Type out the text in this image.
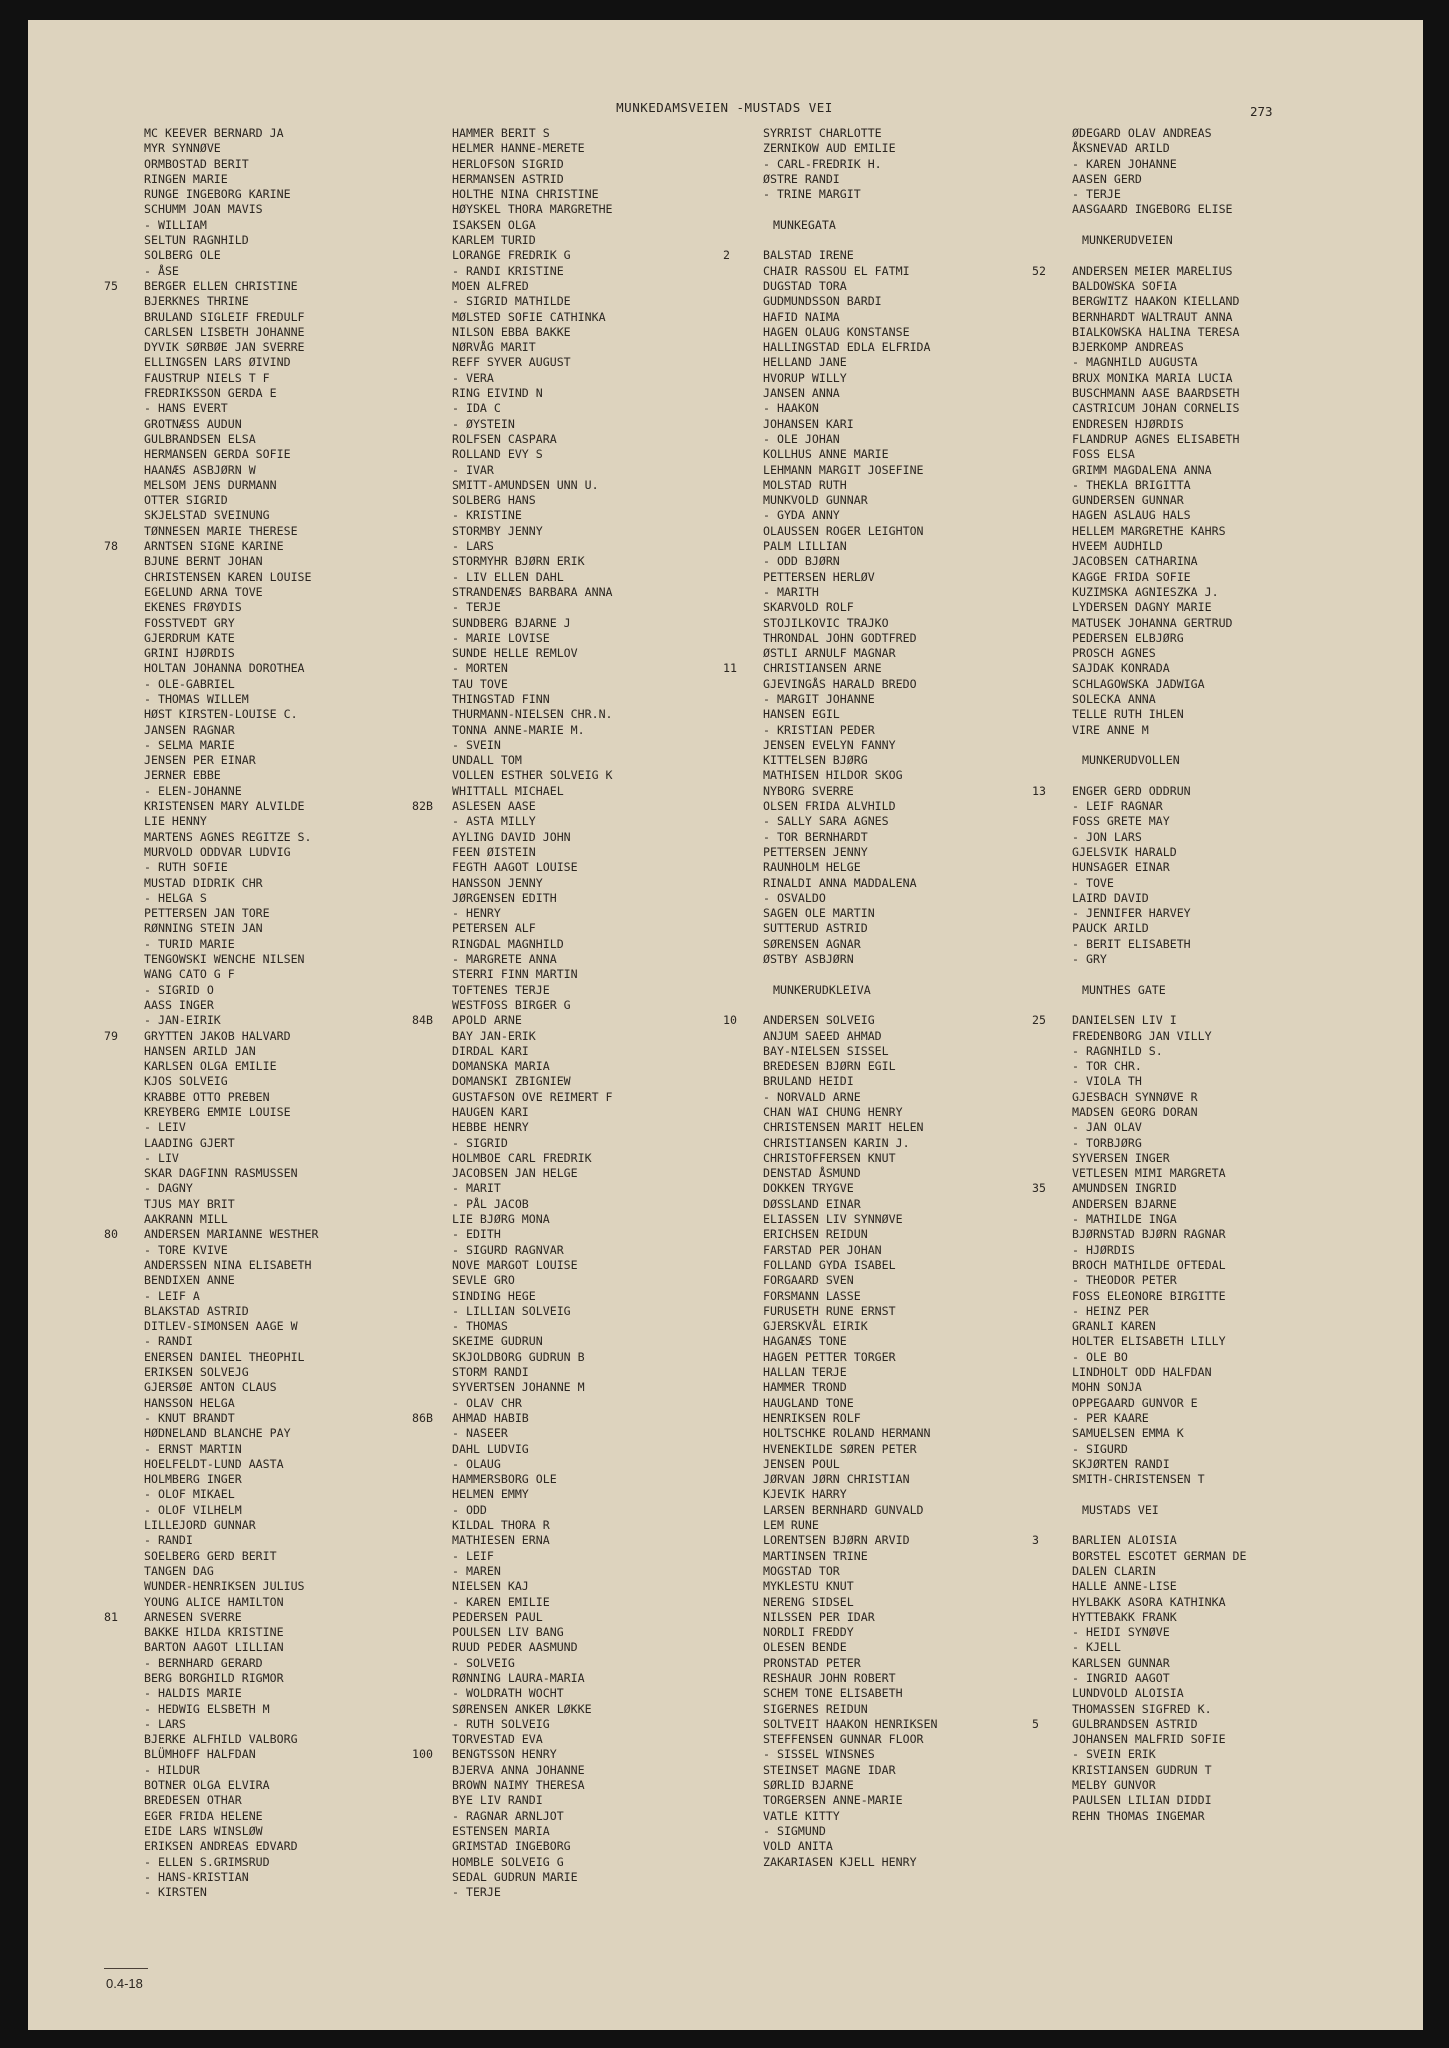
MUNKEDAMSVEIEN -MUSTADS VEI	273
MC KEEVER BERNARD JA
MYR SYNNØVE
ORMBOSTAD BERIT
RINGEN MARIE
RUNGE INGEBORG KARINE
SCHUMM JOAN MAVIS
- WILLIAM
SELTUN RAGNHILD
SOLBERG OLE
- ÅSE
75	BERGER ELLEN CHRISTINE
BJERKNES THRINE
BRULAND SIGLEIF FREDULF
CARLSEN LISBETH JOHANNE
DYVIK SØRBØE JAN SVERRE
ELLINGSEN LARS ØIVIND
FAUSTRUP NIELS T F
FREDRIKSSON GERDA E
- HANS EVERT
GROTNÆSS AUDUN
GULBRANDSEN ELSA
HERMANSEN GERDA SOFIE
HAANÆS ASBJØRN W
MELSOM JENS DURMANN
OTTER SIGRID
SKJELSTAD SVEINUNG
TØNNESEN MARIE THERESE
78	ARNTSEN SIGNE KARINE
BJUNE BERNT JOHAN
CHRISTENSEN KAREN LOUISE
EGELUND ARNA TOVE
EKENES FRØYDIS
FOSSTVEDT GRY
GJERDRUM KATE
GRINI HJØRDIS
HOLTAN JOHANNA DOROTHEA
- OLE-GABRIEL
- THOMAS WILLEM
HØST KIRSTEN-LOUISE C.
JANSEN RAGNAR
- SELMA MARIE
JENSEN PER EINAR
JERNER EBBE
- ELEN-JOHANNE
KRISTENSEN MARY ALVILDE
LIE HENNY
MARTENS AGNES REGITZE S.
MURVOLD ODDVAR LUDVIG
- RUTH SOFIE
MUSTAD DIDRIK CHR
- HELGA S
PETTERSEN JAN TORE
RØNNING STEIN JAN
- TURID MARIE
TENGOWSKI WENCHE NILSEN
WANG CATO G F
- SIGRID O
AASS INGER
- JAN-EIRIK
79	GRYTTEN JAKOB HALVARD
HANSEN ARILD JAN
KARLSEN OLGA EMILIE
KJOS SOLVEIG
KRABBE OTTO PREBEN
KREYBERG EMMIE LOUISE
- LEIV
LAADING GJERT
- LIV
SKAR DAGFINN RASMUSSEN
- DAGNY
TJUS MAY BRIT
AAKRANN MILL
80	ANDERSEN MARIANNE WESTHER
- TORE KVIVE
ANDERSSEN NINA ELISABETH
BENDIXEN ANNE
- LEIF A
BLAKSTAD ASTRID
DITLEV-SIMONSEN AAGE W
- RANDI
ENERSEN DANIEL THEOPHIL
ERIKSEN SOLVEJG
GJERSØE ANTON CLAUS
HANSSON HELGA
- KNUT BRANDT
HØDNELAND BLANCHE PAY
- ERNST MARTIN
HOELFELDT-LUND AASTA
HOLMBERG INGER
- OLOF MIKAEL
- OLOF VILHELM
LILLEJORD GUNNAR
- RANDI
SOELBERG GERD BERIT
TANGEN DAG
WUNDER-HENRIKSEN JULIUS
YOUNG ALICE HAMILTON
81	ARNESEN SVERRE
BAKKE HILDA KRISTINE
BARTON AAGOT LILLIAN
- BERNHARD GERARD
BERG BORGHILD RIGMOR
- HALDIS MARIE
- HEDWIG ELSBETH M
- LARS
BJERKE ALFHILD VALBORG
BLÜMHOFF HALFDAN
- HILDUR
BOTNER OLGA ELVIRA
BREDESEN OTHAR
EGER FRIDA HELENE
EIDE LARS WINSLØW
ERIKSEN ANDREAS EDVARD
- ELLEN S.GRIMSRUD
- HANS-KRISTIAN
- KIRSTEN
HAMMER BERIT S
HELMER HANNE-MERETE
HERLOFSON SIGRID
HERMANSEN ASTRID
HOLTHE NINA CHRISTINE
HØYSKEL THORA MARGRETHE
ISAKSEN OLGA
KARLEM TURID
LORANGE FREDRIK G
- RANDI KRISTINE
MOEN ALFRED
- SIGRID MATHILDE
MØLSTED SOFIE CATHINKA
NILSON EBBA BAKKE
NØRVÅG MARIT
REFF SYVER AUGUST
- VERA
RING EIVIND N
- IDA C
- ØYSTEIN
ROLFSEN CASPARA
ROLLAND EVY S
- IVAR
SMITT-AMUNDSEN UNN U.
SOLBERG HANS
- KRISTINE
STORMBY JENNY
- LARS
STORMYHR BJØRN ERIK
- LIV ELLEN DAHL
STRANDENÆS BARBARA ANNA
- TERJE
SUNDBERG BJARNE J
- MARIE LOVISE
SUNDE HELLE REMLOV
- MORTEN
TAU TOVE
THINGSTAD FINN
THURMANN-NIELSEN CHR.N.
TONNA ANNE-MARIE M.
- SVEIN
UNDALL TOM
VOLLEN ESTHER SOLVEIG K
WHITTALL MICHAEL
82B	ASLESEN AASE
- ASTA MILLY
AYLING DAVID JOHN
FEEN ØISTEIN
FEGTH AAGOT LOUISE
HANSSON JENNY
JØRGENSEN EDITH
- HENRY
PETERSEN ALF
RINGDAL MAGNHILD
- MARGRETE ANNA
STERRI FINN MARTIN
TOFTENES TERJE
WESTFOSS BIRGER G
84B	APOLD ARNE
BAY JAN-ERIK
DIRDAL KARI
DOMANSKA MARIA
DOMANSKI ZBIGNIEW
GUSTAFSON OVE REIMERT F
HAUGEN KARI
HEBBE HENRY
- SIGRID
HOLMBOE CARL FREDRIK
JACOBSEN JAN HELGE
- MARIT
- PÅL JACOB
LIE BJØRG MONA
- EDITH
- SIGURD RAGNVAR
NOVE MARGOT LOUISE
SEVLE GRO
SINDING HEGE
- LILLIAN SOLVEIG
- THOMAS
SKEIME GUDRUN
SKJOLDBORG GUDRUN B
STORM RANDI
SYVERTSEN JOHANNE M
- OLAV CHR
86B	AHMAD HABIB
- NASEER
DAHL LUDVIG
- OLAUG
HAMMERSBORG OLE
HELMEN EMMY
- ODD
KILDAL THORA R
MATHIESEN ERNA
- LEIF
- MAREN
NIELSEN KAJ
- KAREN EMILIE
PEDERSEN PAUL
POULSEN LIV BANG
RUUD PEDER AASMUND
- SOLVEIG
RØNNING LAURA-MARIA
- WOLDRATH WOCHT
SØRENSEN ANKER LØKKE
- RUTH SOLVEIG
TORVESTAD EVA
100	BENGTSSON HENRY
BJERVA ANNA JOHANNE
BROWN NAIMY THERESA
BYE LIV RANDI
- RAGNAR ARNLJOT
ESTENSEN MARIA
GRIMSTAD INGEBORG
HOMBLE SOLVEIG G
SEDAL GUDRUN MARIE
- TERJE
SYRRIST CHARLOTTE
ZERNIKOW AUD EMILIE
- CARL-FREDRIK H.
ØSTRE RANDI
- TRINE MARGIT
MUNKEGATA
2	BALSTAD IRENE
CHAIR RASSOU EL FATMI
DUGSTAD TORA
GUDMUNDSSON BARDI
HAFID NAIMA
HAGEN OLAUG KONSTANSE
HALLINGSTAD EDLA ELFRIDA
HELLAND JANE
HVORUP WILLY
JANSEN ANNA
- HAAKON
JOHANSEN KARI
- OLE JOHAN
KOLLHUS ANNE MARIE
LEHMANN MARGIT JOSEFINE
MOLSTAD RUTH
MUNKVOLD GUNNAR
- GYDA ANNY
OLAUSSEN ROGER LEIGHTON
PALM LILLIAN
- ODD BJØRN
PETTERSEN HERLØV
- MARITH
SKARVOLD ROLF
STOJILKOVIC TRAJKO
THRONDAL JOHN GODTFRED
ØSTLI ARNULF MAGNAR
11	CHRISTIANSEN ARNE
GJEVINGÅS HARALD BREDO
- MARGIT JOHANNE
HANSEN EGIL
- KRISTIAN PEDER
JENSEN EVELYN FANNY
KITTELSEN BJØRG
MATHISEN HILDOR SKOG
NYBORG SVERRE
OLSEN FRIDA ALVHILD
- SALLY SARA AGNES
- TOR BERNHARDT
PETTERSEN JENNY
RAUNHOLM HELGE
RINALDI ANNA MADDALENA
- OSVALDO
SAGEN OLE MARTIN
SUTTERUD ASTRID
SØRENSEN AGNAR
ØSTBY ASBJØRN
MUNKERUDKLEIVA
10	ANDERSEN SOLVEIG
ANJUM SAEED AHMAD
BAY-NIELSEN SISSEL
BREDESEN BJØRN EGIL
BRULAND HEIDI
- NORVALD ARNE
CHAN WAI CHUNG HENRY
CHRISTENSEN MARIT HELEN
CHRISTIANSEN KARIN J.
CHRISTOFFERSEN KNUT
DENSTAD ÅSMUND
DOKKEN TRYGVE
DØSSLAND EINAR
ELIASSEN LIV SYNNØVE
ERICHSEN REIDUN
FARSTAD PER JOHAN
FOLLAND GYDA ISABEL
FORGAARD SVEN
FORSMANN LASSE
FURUSETH RUNE ERNST
GJERSKVÅL EIRIK
HAGANÆS TONE
HAGEN PETTER TORGER
HALLAN TERJE
HAMMER TROND
HAUGLAND TONE
HENRIKSEN ROLF
HOLTSCHKE ROLAND HERMANN
HVENEKILDE SØREN PETER
JENSEN POUL
JØRVAN JØRN CHRISTIAN
KJEVIK HARRY
LARSEN BERNHARD GUNVALD
LEM RUNE
LORENTSEN BJØRN ARVID
MARTINSEN TRINE
MOGSTAD TOR
MYKLESTU KNUT
NERENG SIDSEL
NILSSEN PER IDAR
NORDLI FREDDY
OLESEN BENDE
PRONSTAD PETER
RESHAUR JOHN ROBERT
SCHEM TONE ELISABETH
SIGERNES REIDUN
SOLTVEIT HAAKON HENRIKSEN
STEFFENSEN GUNNAR FLOOR
- SISSEL WINSNES
STEINSET MAGNE IDAR
SØRLID BJARNE
TORGERSEN ANNE-MARIE
VATLE KITTY
- SIGMUND
VOLD ANITA
ZAKARIASEN KJELL HENRY
ØDEGARD OLAV ANDREAS
ÅKSNEVAD ARILD
- KAREN JOHANNE
AASEN GERD
- TERJE
AASGAARD INGEBORG ELISE
MUNKERUDVEIEN
52	ANDERSEN MEIER MARELIUS
BALDOWSKA SOFIA
BERGWITZ HAAKON KIELLAND
BERNHARDT WALTRAUT ANNA
BIALKOWSKA HALINA TERESA
BJERKOMP ANDREAS
- MAGNHILD AUGUSTA
BRUX MONIKA MARIA LUCIA
BUSCHMANN AASE BAARDSETH
CASTRICUM JOHAN CORNELIS
ENDRESEN HJØRDIS
FLANDRUP AGNES ELISABETH
FOSS ELSA
GRIMM MAGDALENA ANNA
- THEKLA BRIGITTA
GUNDERSEN GUNNAR
HAGEN ASLAUG HALS
HELLEM MARGRETHE KAHRS
HVEEM AUDHILD
JACOBSEN CATHARINA
KAGGE FRIDA SOFIE
KUZIMSKA AGNIESZKA J.
LYDERSEN DAGNY MARIE
MATUSEK JOHANNA GERTRUD
PEDERSEN ELBJØRG
PROSCH AGNES
SAJDAK KONRADA
SCHLAGOWSKA JADWIGA
SOLECKA ANNA
TELLE RUTH IHLEN
VIRE ANNE M
MUNKERUDVOLLEN
13	ENGER GERD ODDRUN
- LEIF RAGNAR
FOSS GRETE MAY
- JON LARS
GJELSVIK HARALD
HUNSAGER EINAR
- TOVE
LAIRD DAVID
- JENNIFER HARVEY
PAUCK ARILD
- BERIT ELISABETH
- GRY
MUNTHES GATE
25	DANIELSEN LIV I
FREDENBORG JAN VILLY
- RAGNHILD S.
- TOR CHR.
- VIOLA TH
GJESBACH SYNNØVE R
MADSEN GEORG DORAN
- JAN OLAV
- TORBJØRG
SYVERSEN INGER
VETLESEN MIMI MARGRETA
35	AMUNDSEN INGRID
ANDERSEN BJARNE
- MATHILDE INGA
BJØRNSTAD BJØRN RAGNAR
- HJØRDIS
BROCH MATHILDE OFTEDAL
- THEODOR PETER
FOSS ELEONORE BIRGITTE
- HEINZ PER
GRANLI KAREN
HOLTER ELISABETH LILLY
- OLE BO
LINDHOLT ODD HALFDAN
MOHN SONJA
OPPEGAARD GUNVOR E
- PER KAARE
SAMUELSEN EMMA K
- SIGURD
SKJØRTEN RANDI
SMITH-CHRISTENSEN T
MUSTADS VEI
3	BARLIEN ALOISIA
BORSTEL ESCOTET GERMAN DE
DALEN CLARIN
HALLE ANNE-LISE
HYLBAKK ASORA KATHINKA
HYTTEBAKK FRANK
- HEIDI SYNØVE
- KJELL
KARLSEN GUNNAR
- INGRID AAGOT
LUNDVOLD ALOISIA
THOMASSEN SIGFRED K.
5	GULBRANDSEN ASTRID
JOHANSEN MALFRID SOFIE
- SVEIN ERIK
KRISTIANSEN GUDRUN T
MELBY GUNVOR
PAULSEN LILIAN DIDDI
REHN THOMAS INGEMAR
0.4-18
